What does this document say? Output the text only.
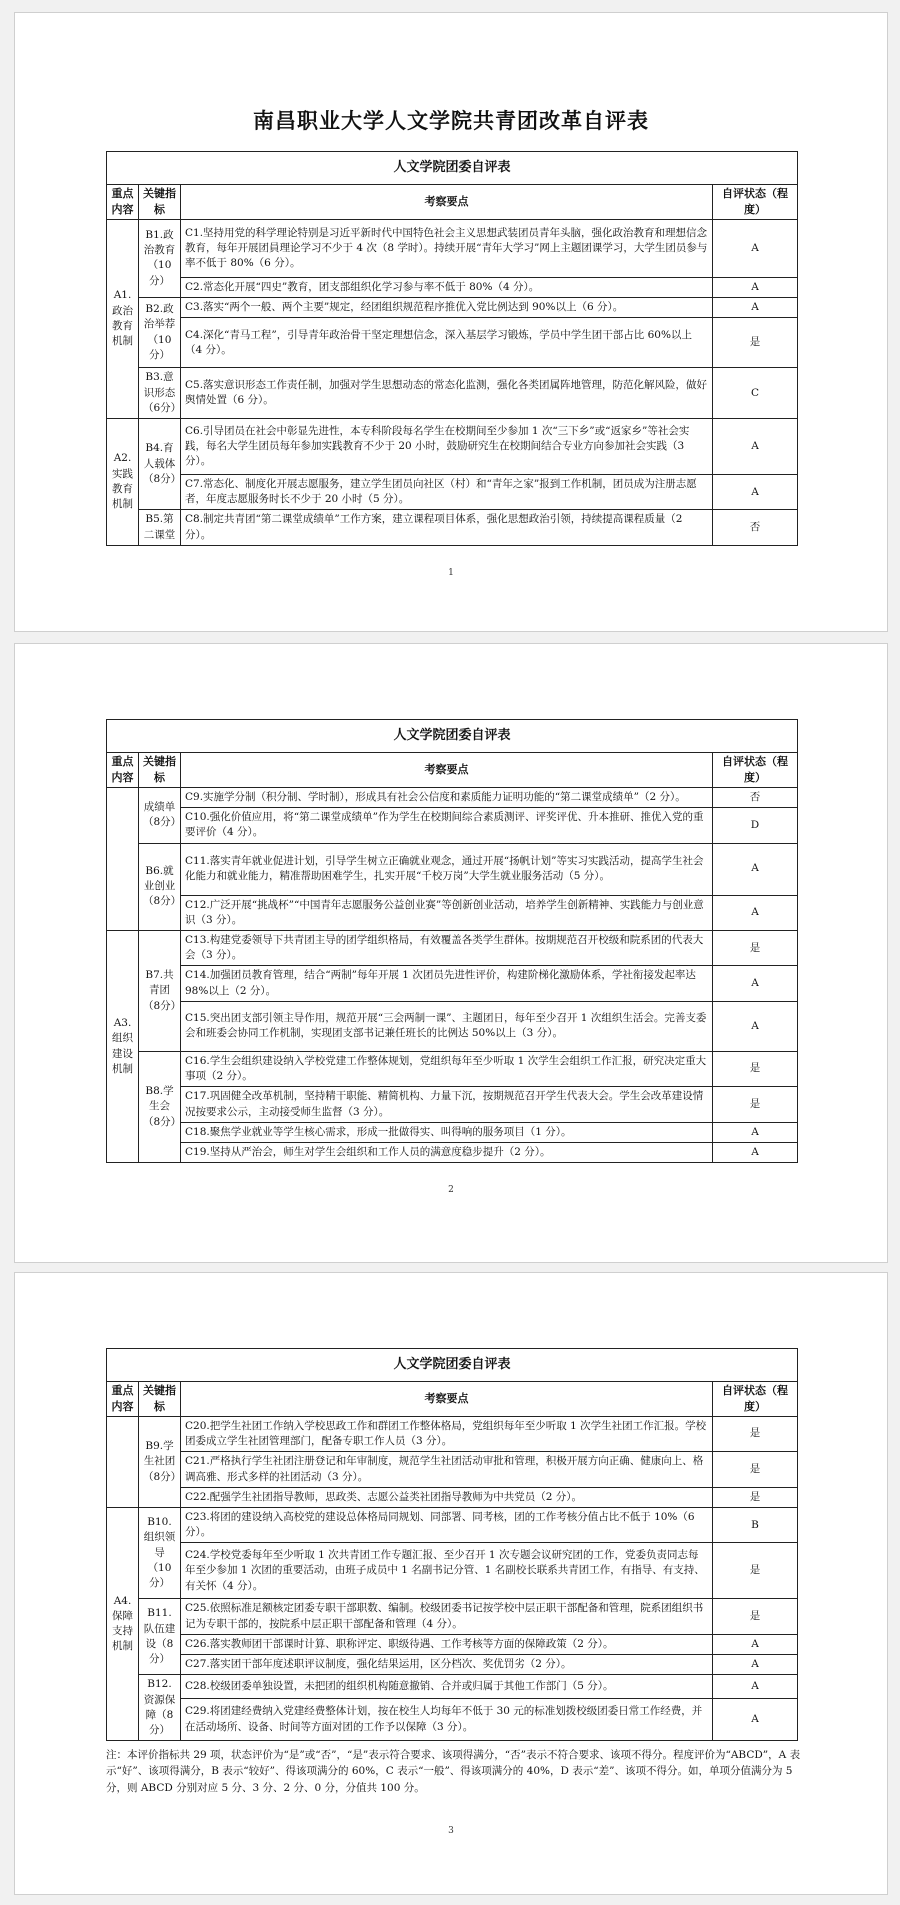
南昌职业大学人文学院共青团改革自评表
人文学院团委自评表			
重点内容	关键指标	考察要点	自评状态（程度）
A1.政治教育机制	B1.政治教育（10分）	C1.坚持用党的科学理论特别是习近平新时代中国特色社会主义思想武装团员青年头脑，强化政治教育和理想信念教育，每年开展团員理论学习不少于 4 次（8 学时）。持续开展“青年大学习”网上主题团课学习，大学生团员参与率不低于 80%（6 分）。	A
		C2.常态化开展“四史”教育，团支部组织化学习参与率不低于 80%（4 分）。	A
	B2.政治举荐（10分）	C3.落实“两个一般、两个主要”规定，经团组织规范程序推优入党比例达到 90%以上（6 分）。	A
		C4.深化“青马工程”，引导青年政治骨干坚定理想信念，深入基层学习锻炼，学员中学生团干部占比 60%以上（4 分）。	是
	B3.意识形态（6分）	C5.落实意识形态工作责任制，加强对学生思想动态的常态化监测，强化各类团属阵地管理，防范化解风险，做好舆情处置（6 分）。	C
A2.实践教育机制	B4.育人载体（8分）	C6.引导团员在社会中彰显先进性，本专科阶段每名学生在校期间至少参加 1 次“三下乡”或“返家乡”等社会实践，每名大学生团员每年参加实践教育不少于 20 小时，鼓励研究生在校期间结合专业方向参加社会实践（3 分）。	A
		C7.常态化、制度化开展志愿服务，建立学生团员向社区（村）和“青年之家”报到工作机制，团员成为注册志愿者，年度志愿服务时长不少于 20 小时（5 分）。	A
	B5.第二课堂	C8.制定共青团“第二课堂成绩单”工作方案，建立课程项目体系，强化思想政治引领，持续提高课程质量（2 分）。	否
1
人文学院团委自评表			
重点内容	关键指标	考察要点	自评状态（程度）
	成绩单（8分）	C9.实施学分制（积分制、学时制），形成具有社会公信度和素质能力证明功能的“第二课堂成绩单”（2 分）。	否
		C10.强化价值应用，将“第二课堂成绩单”作为学生在校期间综合素质测评、评奖评优、升本推研、推优入党的重要评价（4 分）。	D
	B6.就业创业（8分）	C11.落实青年就业促进计划，引导学生树立正确就业观念，通过开展“扬帆计划”等实习实践活动，提高学生社会化能力和就业能力，精准帮助困难学生，扎实开展“千校万岗”大学生就业服务活动（5 分）。	A
		C12.广泛开展“挑战杯”“中国青年志愿服务公益创业赛”等创新创业活动，培养学生创新精神、实践能力与创业意识（3 分）。	A
A3.组织建设机制	B7.共青团（8分）	C13.构建党委领导下共青团主导的团学组织格局，有效覆盖各类学生群体。按期规范召开校级和院系团的代表大会（3 分）。	是
		C14.加强团员教育管理，结合“两制”每年开展 1 次团员先进性评价，构建阶梯化激励体系，学社衔接发起率达 98%以上（2 分）。	A
		C15.突出团支部引领主导作用，规范开展“三会两制一课”、主题团日，每年至少召开 1 次组织生活会。完善支委会和班委会协同工作机制，实现团支部书记兼任班长的比例达 50%以上（3 分）。	A
	B8.学生会（8分）	C16.学生会组织建设纳入学校党建工作整体规划，党组织每年至少听取 1 次学生会组织工作汇报，研究决定重大事项（2 分）。	是
		C17.巩固健全改革机制，坚持精干职能、精简机构、力量下沉，按期规范召开学生代表大会。学生会改革建设情况按要求公示，主动接受师生监督（3 分）。	是
		C18.聚焦学业就业等学生核心需求，形成一批做得实、叫得响的服务项目（1 分）。	A
		C19.坚持从严治会，师生对学生会组织和工作人员的满意度稳步提升（2 分）。	A
2
人文学院团委自评表			
重点内容	关键指标	考察要点	自评状态（程度）
	B9.学生社团（8分）	C20.把学生社团工作纳入学校思政工作和群团工作整体格局，党组织每年至少听取 1 次学生社团工作汇报。学校团委成立学生社团管理部门，配备专职工作人员（3 分）。	是
		C21.严格执行学生社团注册登记和年审制度，规范学生社团活动审批和管理，积极开展方向正确、健康向上、格调高雅、形式多样的社团活动（3 分）。	是
		C22.配强学生社团指导教师，思政类、志愿公益类社团指导教师为中共党员（2 分）。	是
A4.保障支持机制	B10.组织领导（10分）	C23.将团的建设纳入高校党的建设总体格局同规划、同部署、同考核，团的工作考核分值占比不低于 10%（6 分）。	B
		C24.学校党委每年至少听取 1 次共青团工作专题汇报、至少召开 1 次专题会议研究团的工作，党委负责同志每年至少参加 1 次团的重要活动，由班子成员中 1 名副书记分管、1 名副校长联系共青团工作，有指导、有支持、有关怀（4 分）。	是
	B11.队伍建设（8分）	C25.依照标准足额核定团委专职干部职数、编制。校级团委书记按学校中层正职干部配备和管理，院系团组织书记为专职干部的，按院系中层正职干部配备和管理（4 分）。	是
		C26.落实教师团干部课时计算、职称评定、职级待遇、工作考核等方面的保障政策（2 分）。	A
		C27.落实团干部年度述职评议制度，强化结果运用，区分档次、奖优罚劣（2 分）。	A
	B12.资源保障（8分）	C28.校级团委单独设置，未把团的组织机构随意撤销、合并或归属于其他工作部门（5 分）。	A
		C29.将团建经费纳入党建经费整体计划，按在校生人均每年不低于 30 元的标准划拨校级团委日常工作经费，并在活动场所、设备、时间等方面对团的工作予以保障（3 分）。	A
注：本评价指标共 29 项，状态评价为“是”或“否”，“是”表示符合要求、该项得满分，“否”表示不符合要求、该项不得分。程度评价为“ABCD”，A 表示“好”、该项得满分，B 表示“较好”、得该项满分的 60%，C 表示“一般”、得该项满分的 40%，D 表示“差”、该项不得分。如，单项分值满分为 5 分，则 ABCD 分别对应 5 分、3 分、2 分、0 分，分值共 100 分。
3
